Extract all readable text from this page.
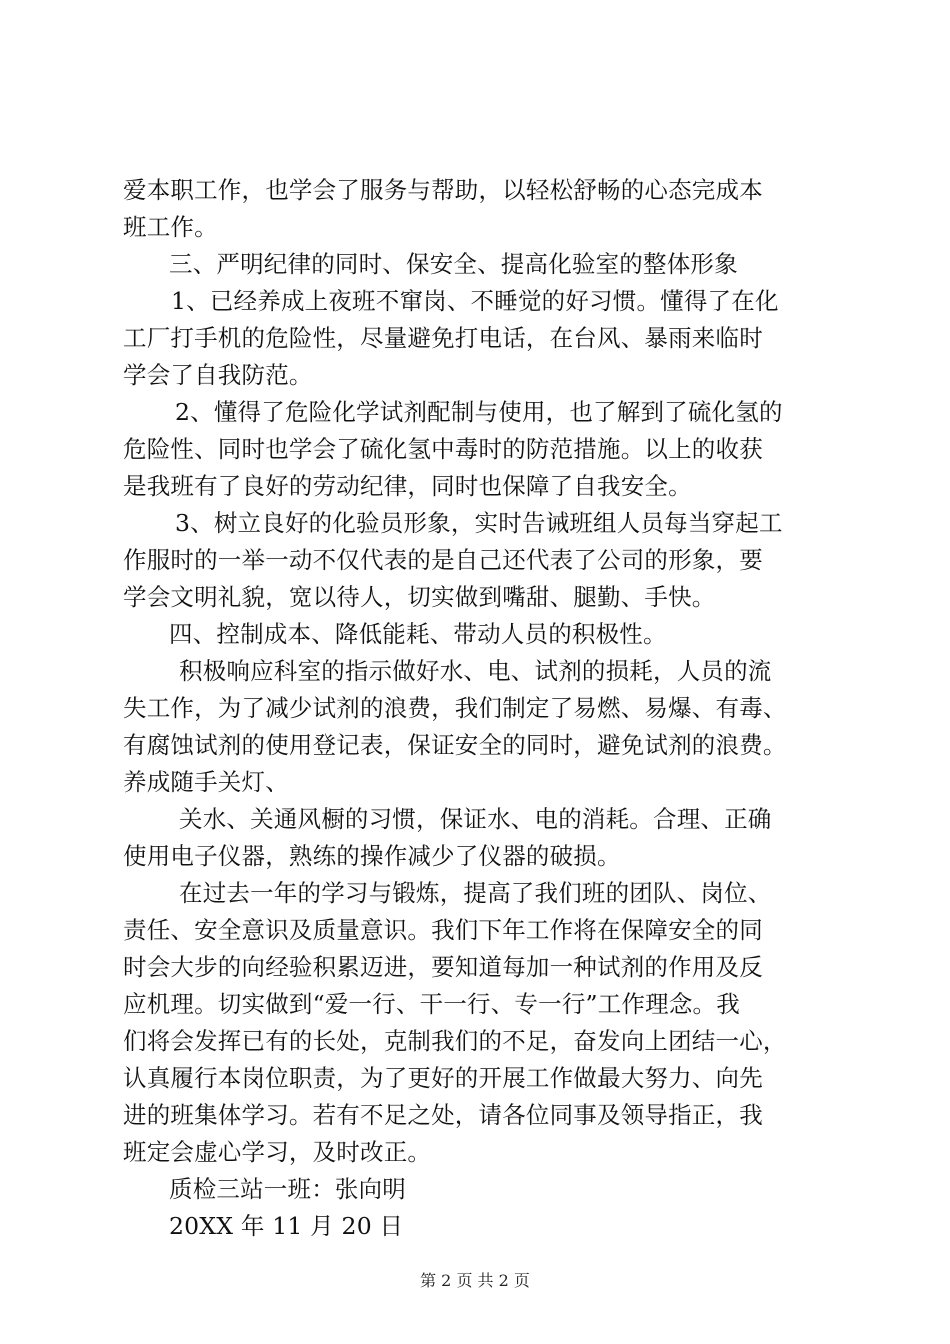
爱本职工作，也学会了服务与帮助，以轻松舒畅的心态完成本
班工作。
三、严明纪律的同时、保安全、提高化验室的整体形象
1、已经养成上夜班不窜岗、不睡觉的好习惯。懂得了在化
工厂打手机的危险性，尽量避免打电话，在台风、暴雨来临时
学会了自我防范。
2、懂得了危险化学试剂配制与使用，也了解到了硫化氢的
危险性、同时也学会了硫化氢中毒时的防范措施。以上的收获
是我班有了良好的劳动纪律，同时也保障了自我安全。
3、树立良好的化验员形象，实时告诫班组人员每当穿起工
作服时的一举一动不仅代表的是自己还代表了公司的形象，要
学会文明礼貌，宽以待人，切实做到嘴甜、腿勤、手快。
四、控制成本、降低能耗、带动人员的积极性。
积极响应科室的指示做好水、电、试剂的损耗，人员的流
失工作，为了减少试剂的浪费，我们制定了易燃、易爆、有毒、
有腐蚀试剂的使用登记表，保证安全的同时，避免试剂的浪费。
养成随手关灯、
关水、关通风橱的习惯，保证水、电的消耗。合理、正确
使用电子仪器，熟练的操作减少了仪器的破损。
在过去一年的学习与锻炼，提高了我们班的团队、岗位、
责任、安全意识及质量意识。我们下年工作将在保障安全的同
时会大步的向经验积累迈进，要知道每加一种试剂的作用及反
应机理。切实做到“爱一行、干一行、专一行”工作理念。我
们将会发挥已有的长处，克制我们的不足，奋发向上团结一心，
认真履行本岗位职责，为了更好的开展工作做最大努力、向先
进的班集体学习。若有不足之处，请各位同事及领导指正，我
班定会虚心学习，及时改正。
质检三站一班：张向明
20XX 年 11 月 20 日
第 2 页 共 2 页
